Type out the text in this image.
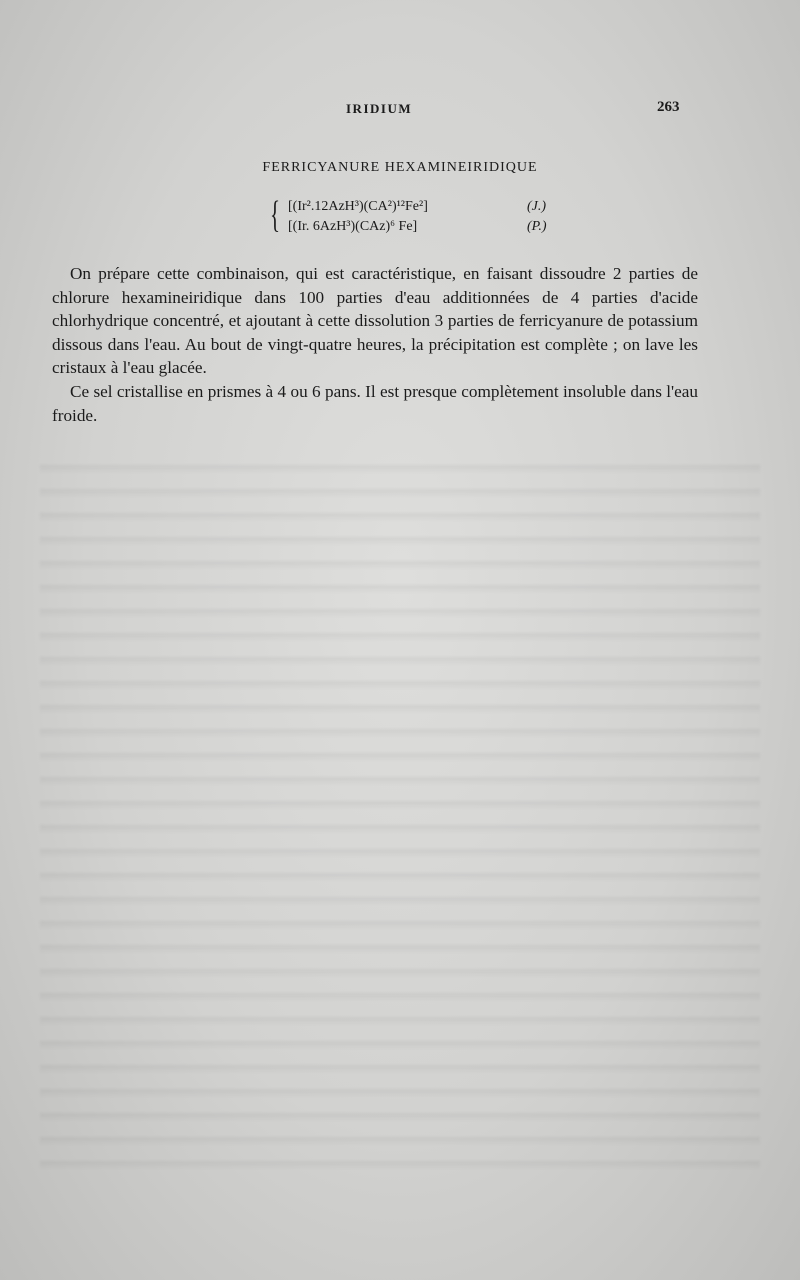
IRIDIUM	263
FERRICYANURE HEXAMINEIRIDIQUE
{ [(Ir².12AzH³)(CA²)¹²Fe²]	(J.)
[(Ir. 6AzH³)(CAz)⁶ Fe]	(P.)

On prépare cette combinaison, qui est caractéristique, en faisant dissoudre 2 parties de chlorure hexamineiridique dans 100 parties d'eau additionnées de 4 parties d'acide chlorhydrique concentré, et ajoutant à cette dissolution 3 parties de ferricyanure de potassium dissous dans l'eau. Au bout de vingt-quatre heures, la précipitation est complète ; on lave les cristaux à l'eau glacée.

Ce sel cristallise en prismes à 4 ou 6 pans. Il est presque complètement insoluble dans l'eau froide.
